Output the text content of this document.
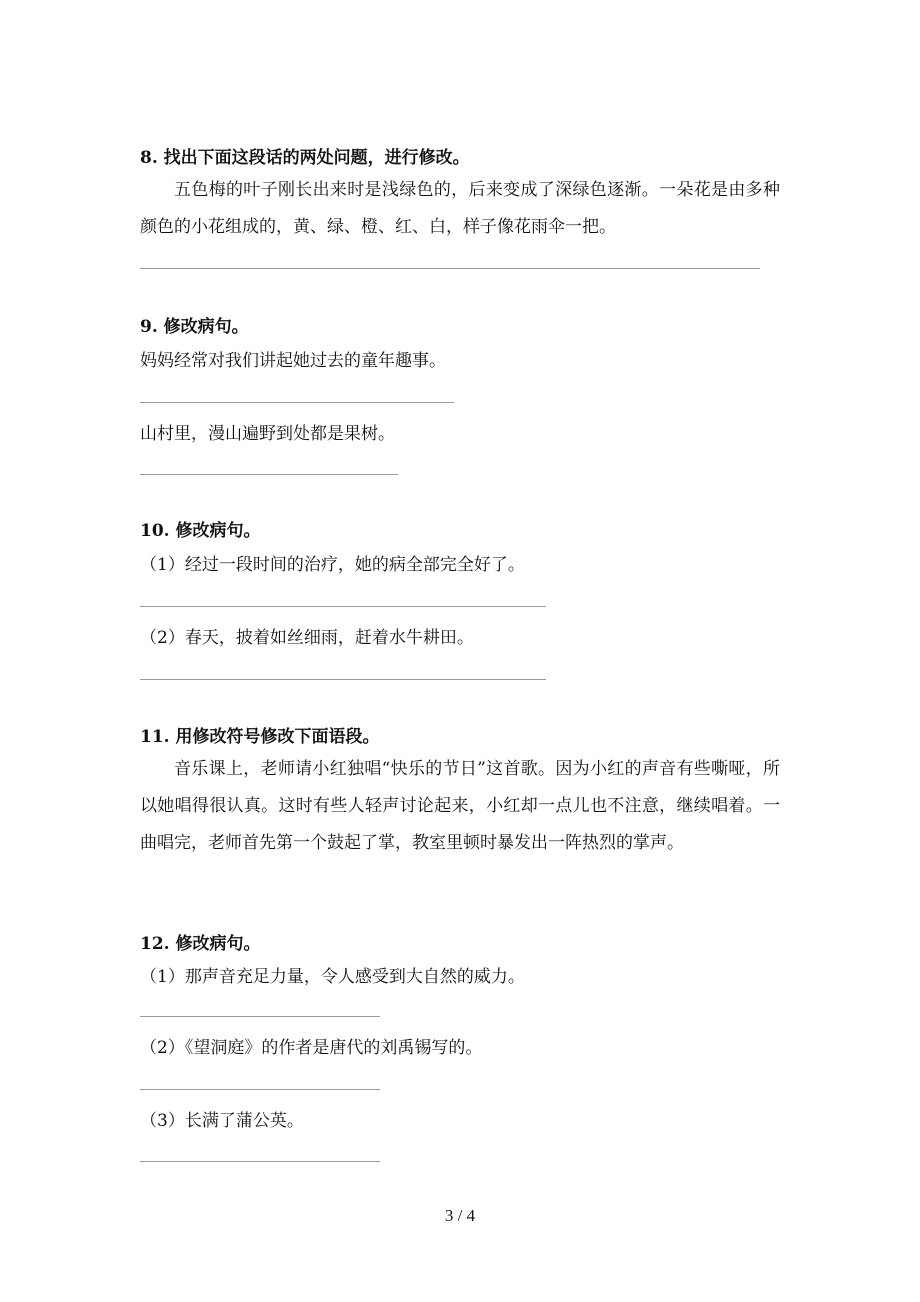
8. 找出下面这段话的两处问题，进行修改。
五色梅的叶子刚长出来时是浅绿色的，后来变成了深绿色逐渐。一朵花是由多种颜色的小花组成的，黄、绿、橙、红、白，样子像花雨伞一把。
9. 修改病句。
妈妈经常对我们讲起她过去的童年趣事。
山村里，漫山遍野到处都是果树。
10. 修改病句。
（1）经过一段时间的治疗，她的病全部完全好了。
（2）春天，披着如丝细雨，赶着水牛耕田。
11. 用修改符号修改下面语段。
音乐课上，老师请小红独唱“快乐的节日”这首歌。因为小红的声音有些嘶哑，所以她唱得很认真。这时有些人轻声讨论起来，小红却一点儿也不注意，继续唱着。一曲唱完，老师首先第一个鼓起了掌，教室里顿时暴发出一阵热烈的掌声。
12. 修改病句。
（1）那声音充足力量，令人感受到大自然的威力。
（2）《望洞庭》的作者是唐代的刘禹锡写的。
（3）长满了蒲公英。
3 / 4
